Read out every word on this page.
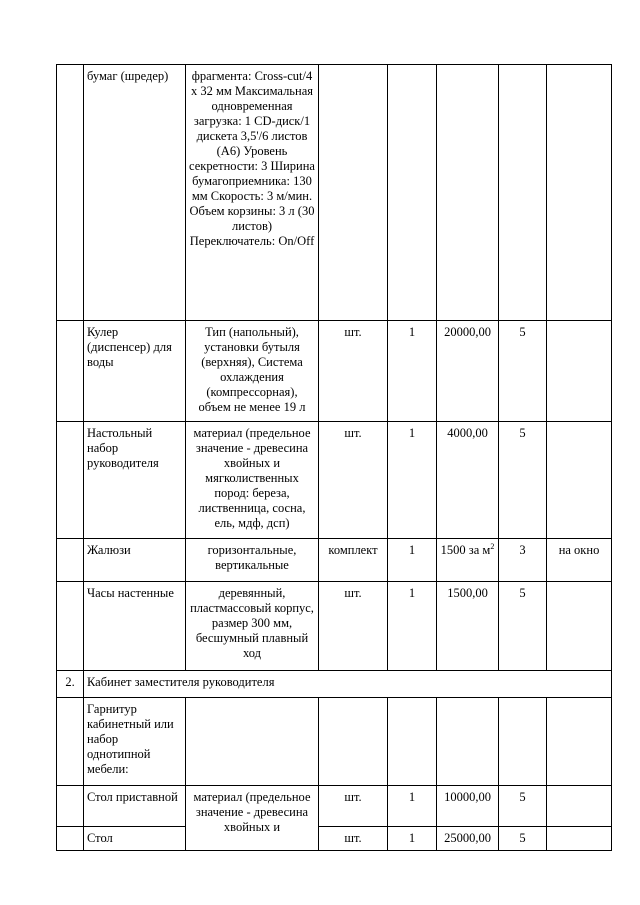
	бумаг (шредер)	фрагмента: Cross-cut/4 x 32 мм Максимальная одновременная загрузка: 1 CD-диск/1 дискета 3,5'/6 листов (А6) Уровень секретности: 3 Ширина бумагоприемника: 130 мм Скорость: 3 м/мин. Объем корзины: 3 л (30 листов) Переключатель: On/Off					
	Кулер (диспенсер) для воды	Тип (напольный), установки бутыля (верхняя), Система охлаждения (компрессорная), объем не менее 19 л	шт.	1	20000,00	5	
	Настольный набор руководителя	материал (предельное значение - древесина хвойных и мягколиственных пород: береза, лиственница, сосна, ель, мдф, дсп)	шт.	1	4000,00	5	
	Жалюзи	горизонтальные, вертикальные	комплект	1	1500 за $м^2$	3	на окно
	Часы настенные	деревянный, пластмассовый корпус, размер 300 мм, бесшумный плавный ход	шт.	1	1500,00	5	
2.	Кабинет заместителя руководителя						
	Гарнитур кабинетный или набор однотипной мебели:						
	Стол приставной	материал (предельное значение - древесина хвойных и	шт.	1	10000,00	5	
	Стол		шт.	1	25000,00	5	
